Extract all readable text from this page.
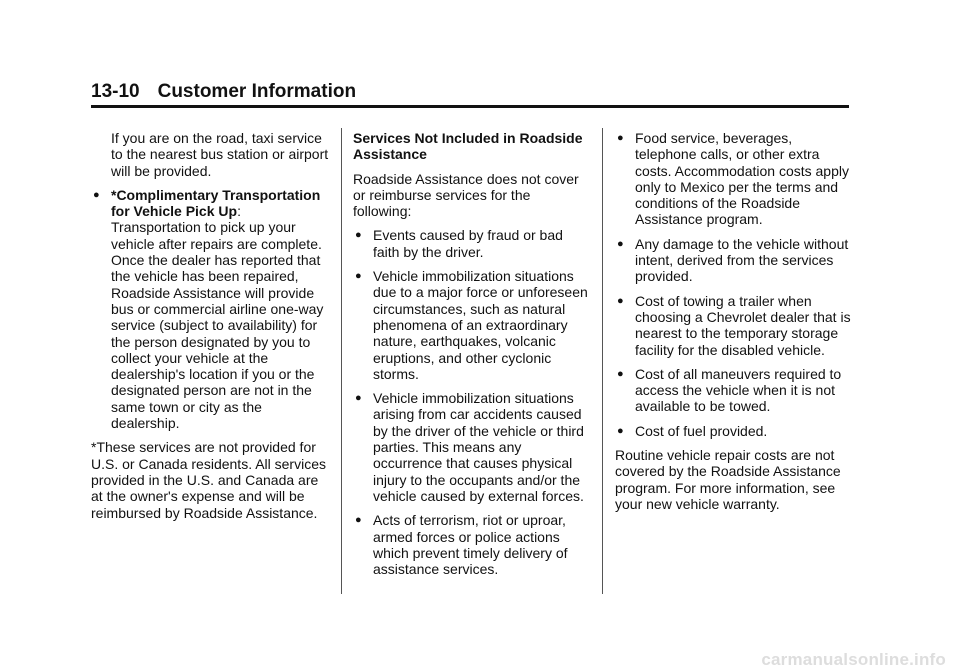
13-10 Customer Information

If you are on the road, taxi service to the nearest bus station or airport will be provided.

● *Complimentary Transportation for Vehicle Pick Up: Transportation to pick up your vehicle after repairs are complete. Once the dealer has reported that the vehicle has been repaired, Roadside Assistance will provide bus or commercial airline one-way service (subject to availability) for the person designated by you to collect your vehicle at the dealership's location if you or the designated person are not in the same town or city as the dealership.

*These services are not provided for U.S. or Canada residents. All services provided in the U.S. and Canada are at the owner's expense and will be reimbursed by Roadside Assistance.

Services Not Included in Roadside Assistance

Roadside Assistance does not cover or reimburse services for the following:

● Events caused by fraud or bad faith by the driver.
● Vehicle immobilization situations due to a major force or unforeseen circumstances, such as natural phenomena of an extraordinary nature, earthquakes, volcanic eruptions, and other cyclonic storms.
● Vehicle immobilization situations arising from car accidents caused by the driver of the vehicle or third parties. This means any occurrence that causes physical injury to the occupants and/or the vehicle caused by external forces.
● Acts of terrorism, riot or uproar, armed forces or police actions which prevent timely delivery of assistance services.
● Food service, beverages, telephone calls, or other extra costs. Accommodation costs apply only to Mexico per the terms and conditions of the Roadside Assistance program.
● Any damage to the vehicle without intent, derived from the services provided.
● Cost of towing a trailer when choosing a Chevrolet dealer that is nearest to the temporary storage facility for the disabled vehicle.
● Cost of all maneuvers required to access the vehicle when it is not available to be towed.
● Cost of fuel provided.

Routine vehicle repair costs are not covered by the Roadside Assistance program. For more information, see your new vehicle warranty.

carmanualsonline.info
